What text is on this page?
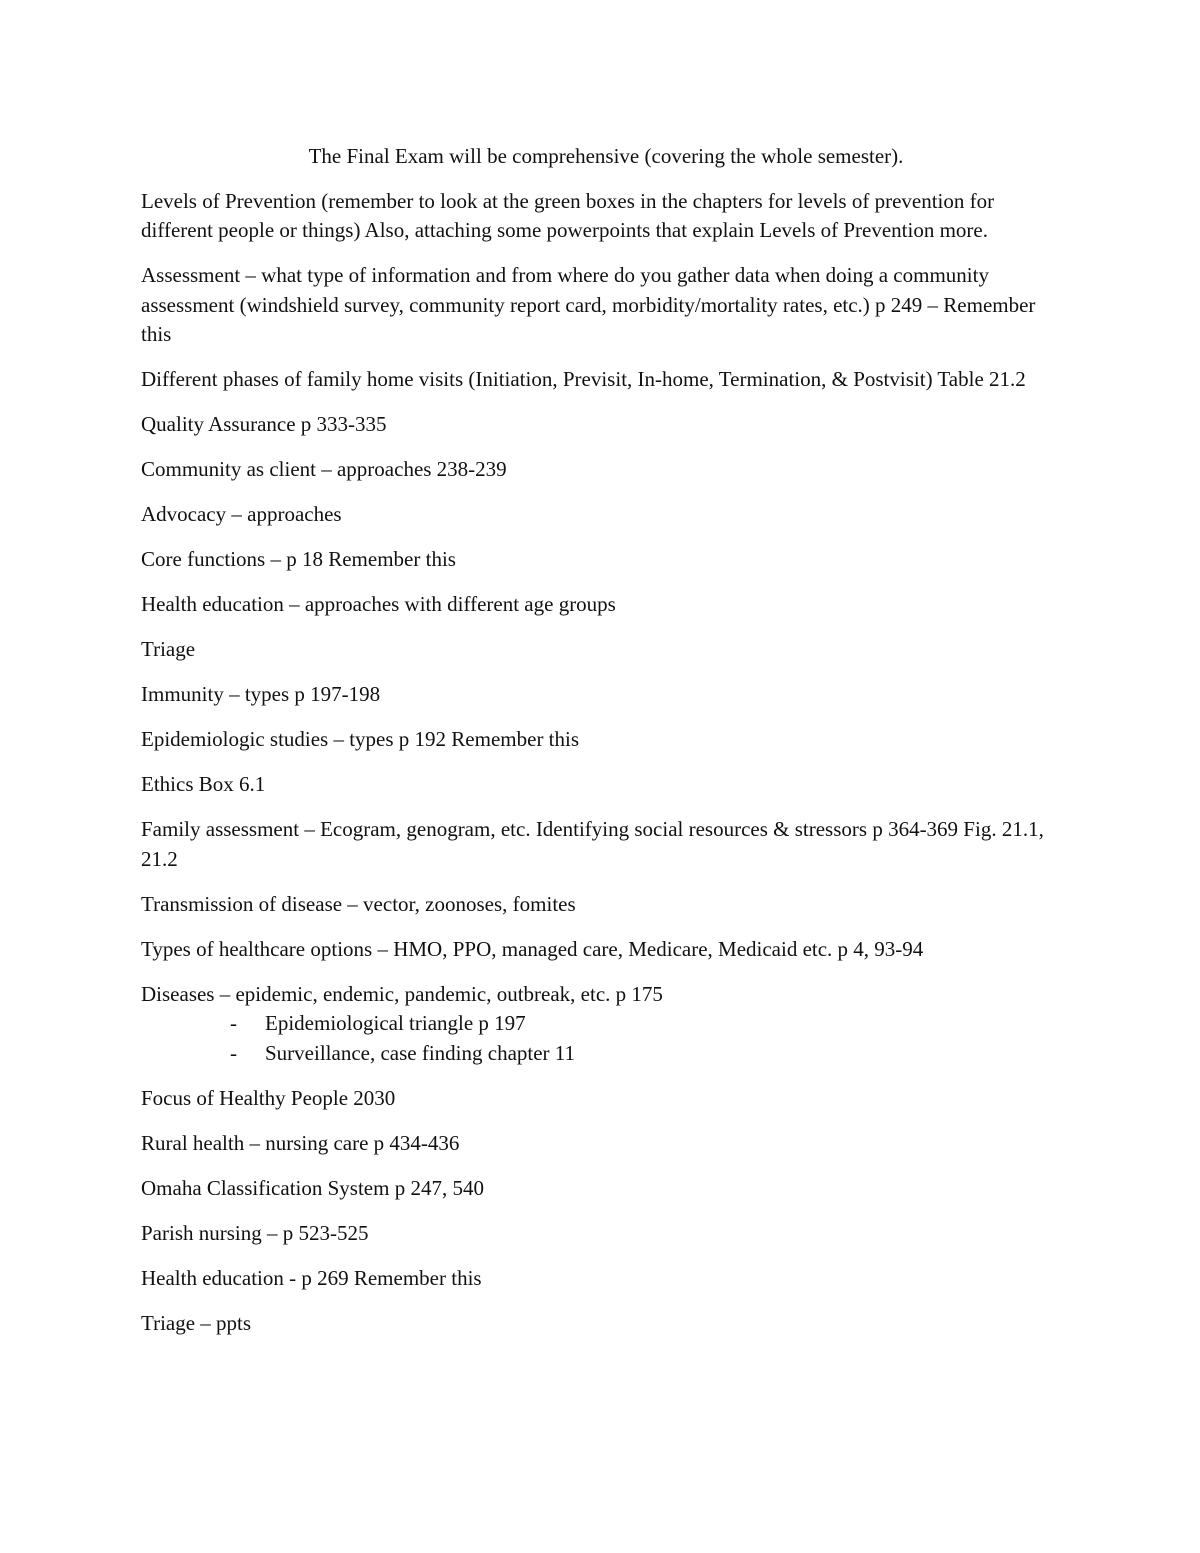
The Final Exam will be comprehensive (covering the whole semester).

Levels of Prevention (remember to look at the green boxes in the chapters for levels of prevention for different people or things) Also, attaching some powerpoints that explain Levels of Prevention more.

Assessment – what type of information and from where do you gather data when doing a community assessment (windshield survey, community report card, morbidity/mortality rates, etc.) p 249 – Remember this

Different phases of family home visits (Initiation, Previsit, In-home, Termination, & Postvisit) Table 21.2

Quality Assurance p 333-335

Community as client – approaches 238-239

Advocacy – approaches

Core functions – p 18 Remember this

Health education – approaches with different age groups

Triage

Immunity – types p 197-198

Epidemiologic studies – types p 192 Remember this

Ethics Box 6.1

Family assessment – Ecogram, genogram, etc. Identifying social resources & stressors p 364-369 Fig. 21.1, 21.2

Transmission of disease – vector, zoonoses, fomites

Types of healthcare options – HMO, PPO, managed care, Medicare, Medicaid etc. p 4, 93-94

Diseases – epidemic, endemic, pandemic, outbreak, etc. p 175

- Epidemiological triangle p 197
- Surveillance, case finding chapter 11

Focus of Healthy People 2030

Rural health – nursing care p 434-436

Omaha Classification System p 247, 540

Parish nursing – p 523-525

Health education - p 269 Remember this

Triage – ppts
